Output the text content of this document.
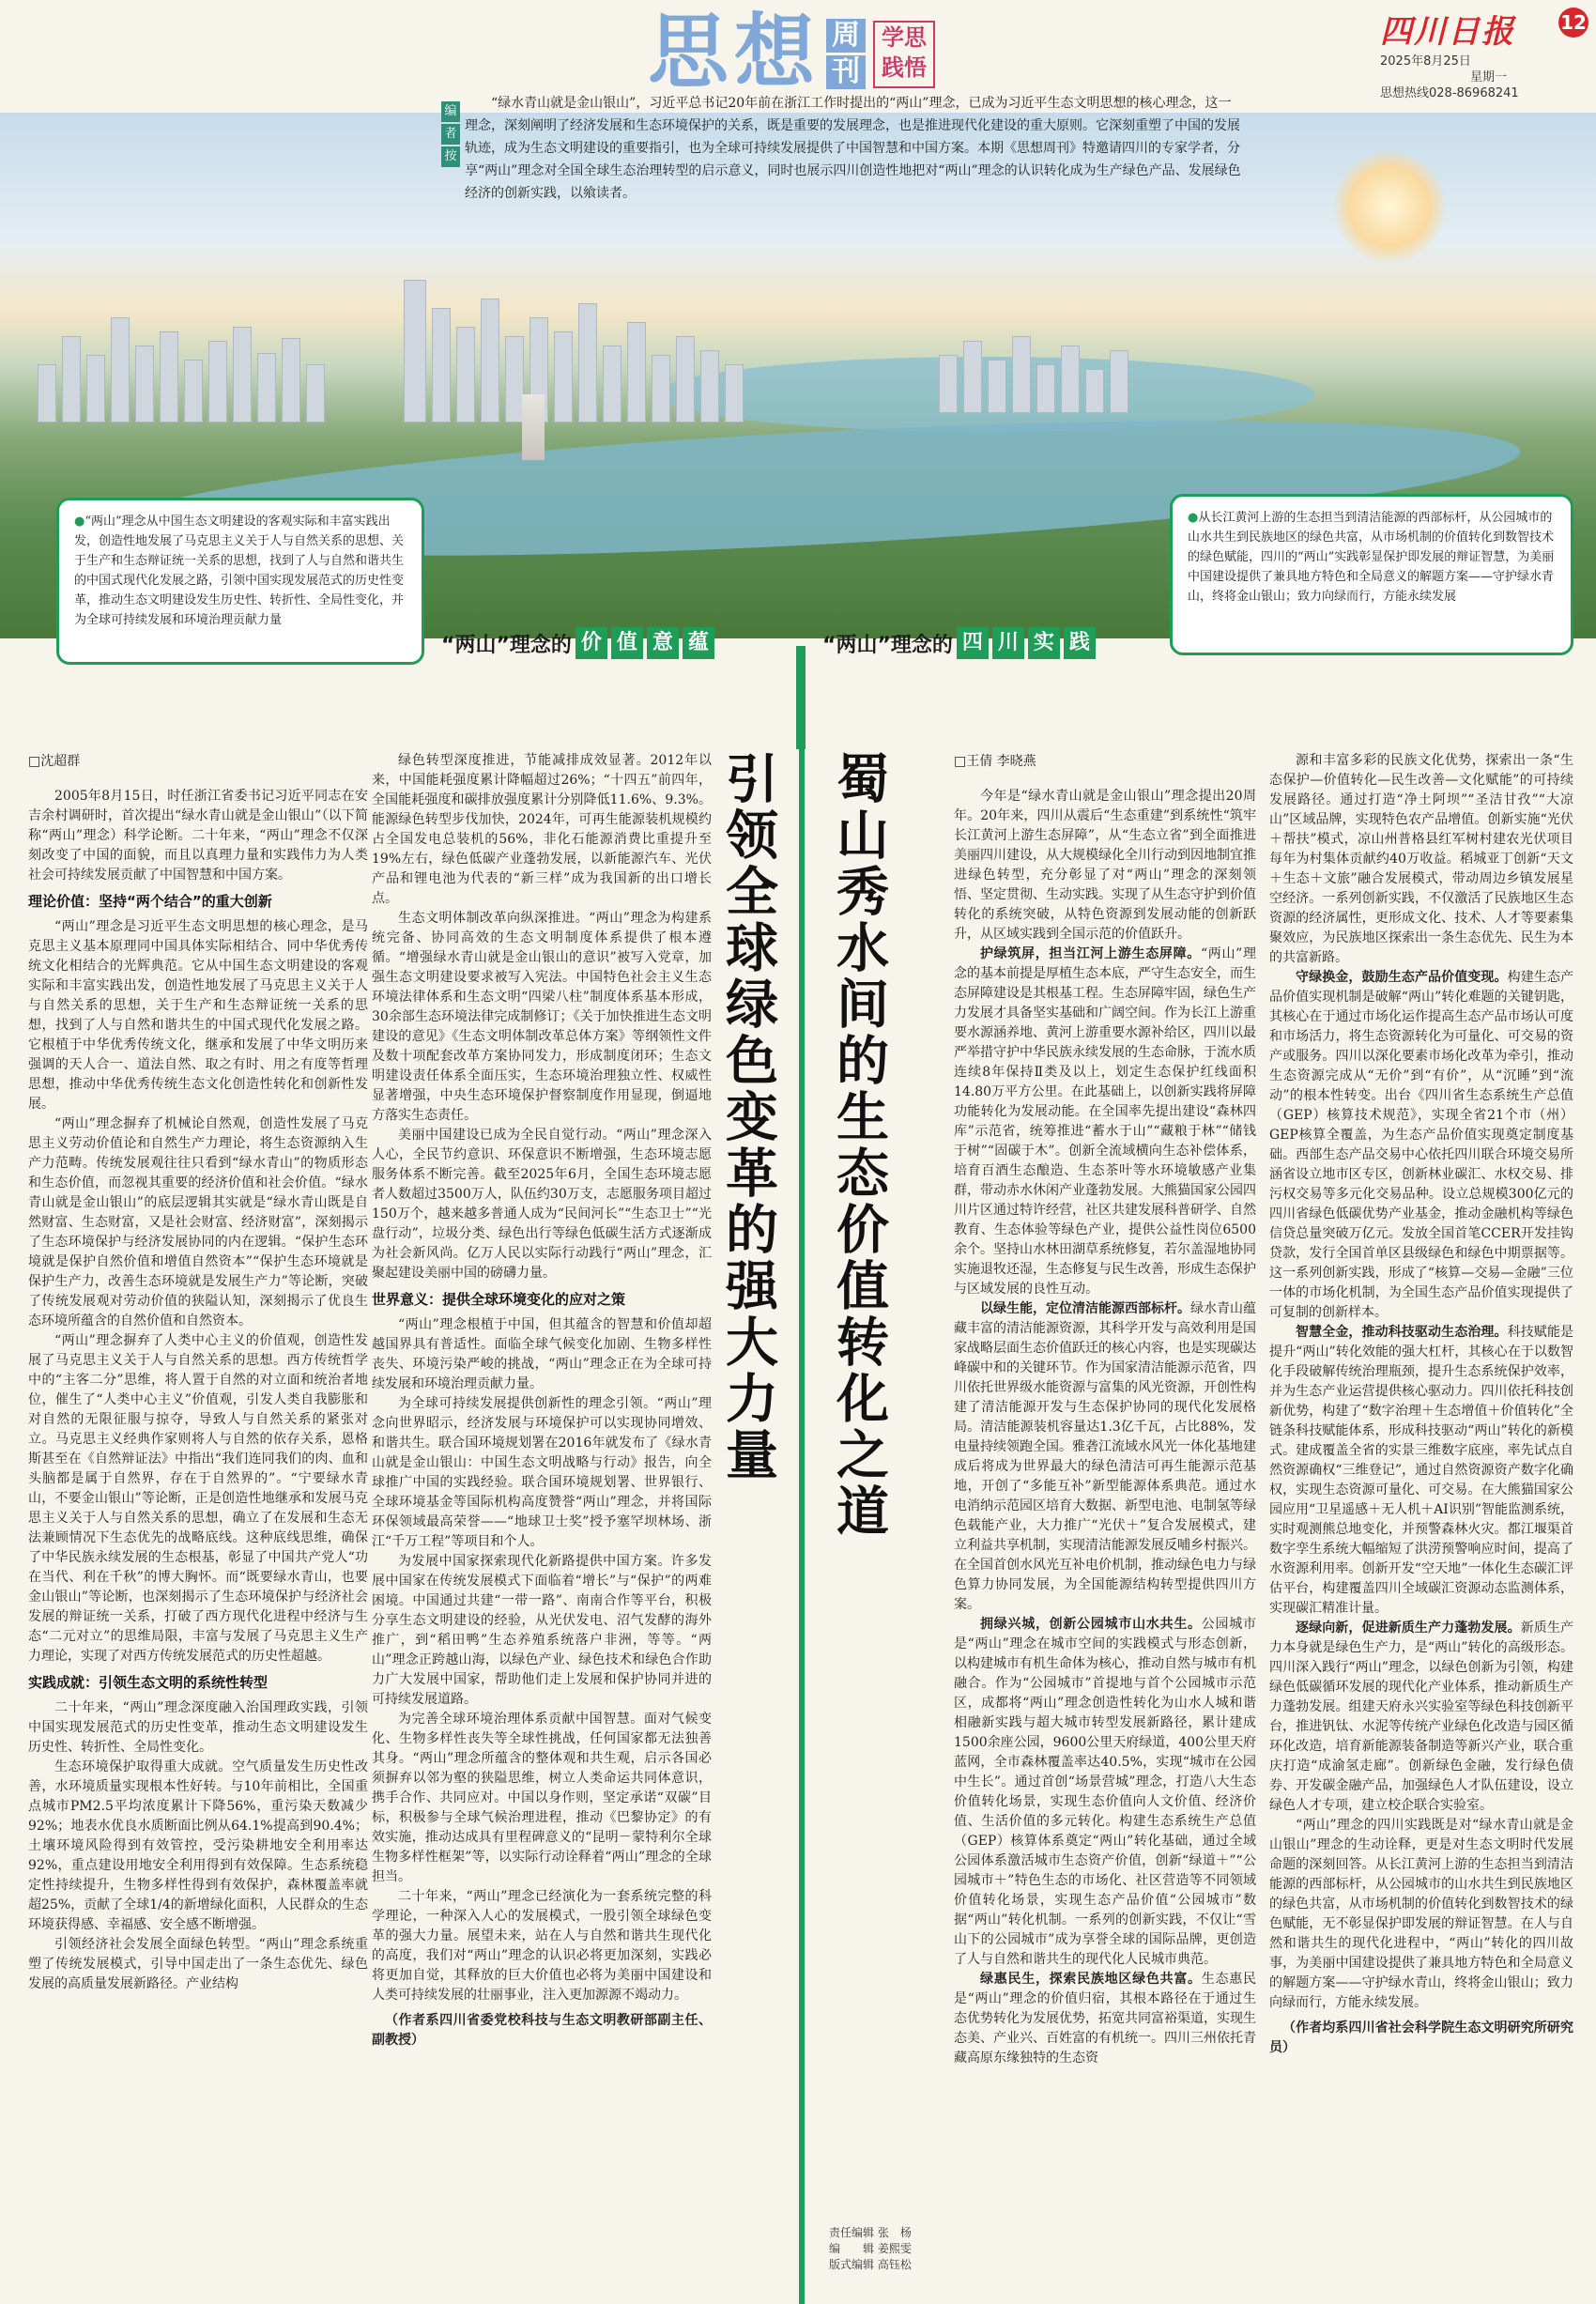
思想 周
刊
学思
践悟
四川日报
2025年8月25日
星期一
思想热线028-86968241
12
编
者
按
“绿水青山就是金山银山”，习近平总书记20年前在浙江工作时提出的“两山”理念，已成为习近平生态文明思想的核心理念，这一理念，深刻阐明了经济发展和生态环境保护的关系，既是重要的发展理念，也是推进现代化建设的重大原则。它深刻重塑了中国的发展轨迹，成为生态文明建设的重要指引，也为全球可持续发展提供了中国智慧和中国方案。本期《思想周刊》特邀请四川的专家学者，分享“两山”理念对全国全球生态治理转型的启示意义，同时也展示四川创造性地把对“两山”理念的认识转化成为生产绿色产品、发展绿色经济的创新实践，以飨读者。
●“两山”理念从中国生态文明建设的客观实际和丰富实践出发，创造性地发展了马克思主义关于人与自然关系的思想、关于生产和生态辩证统一关系的思想，找到了人与自然和谐共生的中国式现代化发展之路，引领中国实现发展范式的历史性变革，推动生态文明建设发生历史性、转折性、全局性变化，并为全球可持续发展和环境治理贡献力量
●从长江黄河上游的生态担当到清洁能源的西部标杆，从公园城市的山水共生到民族地区的绿色共富，从市场机制的价值转化到数智技术的绿色赋能，四川的“两山”实践彰显保护即发展的辩证智慧，为美丽中国建设提供了兼具地方特色和全局意义的解题方案——守护绿水青山，终将金山银山；致力向绿而行，方能永续发展
“两山”理念的 价 值 意 蕴	“两山”理念的 四 川 实 践
□沈超群

2005年8月15日，时任浙江省委书记习近平同志在安吉余村调研时，首次提出“绿水青山就是金山银山”（以下简称“两山”理念）科学论断。二十年来，“两山”理念不仅深刻改变了中国的面貌，而且以真理力量和实践伟力为人类社会可持续发展贡献了中国智慧和中国方案。

理论价值：坚持“两个结合”的重大创新

“两山”理念是习近平生态文明思想的核心理念，是马克思主义基本原理同中国具体实际相结合、同中华优秀传统文化相结合的光辉典范。它从中国生态文明建设的客观实际和丰富实践出发，创造性地发展了马克思主义关于人与自然关系的思想，关于生产和生态辩证统一关系的思想，找到了人与自然和谐共生的中国式现代化发展之路。它根植于中华优秀传统文化，继承和发展了中华文明历来强调的天人合一、道法自然、取之有时、用之有度等哲理思想，推动中华优秀传统生态文化创造性转化和创新性发展。

“两山”理念摒弃了机械论自然观，创造性发展了马克思主义劳动价值论和自然生产力理论，将生态资源纳入生产力范畴。传统发展观往往只看到“绿水青山”的物质形态和生态价值，而忽视其重要的经济价值和社会价值。“绿水青山就是金山银山”的底层逻辑其实就是“绿水青山既是自然财富、生态财富，又是社会财富、经济财富”，深刻揭示了生态环境保护与经济发展协同的内在逻辑。“保护生态环境就是保护自然价值和增值自然资本”“保护生态环境就是保护生产力，改善生态环境就是发展生产力”等论断，突破了传统发展观对劳动价值的狭隘认知，深刻揭示了优良生态环境所蕴含的自然价值和自然资本。

“两山”理念摒弃了人类中心主义的价值观，创造性发展了马克思主义关于人与自然关系的思想。西方传统哲学中的“主客二分”思维，将人置于自然的对立面和统治者地位，催生了“人类中心主义”价值观，引发人类自我膨胀和对自然的无限征服与掠夺，导致人与自然关系的紧张对立。马克思主义经典作家则将人与自然的依存关系，恩格斯甚至在《自然辩证法》中指出“我们连同我们的肉、血和头脑都是属于自然界，存在于自然界的”。“宁要绿水青山，不要金山银山”等论断，正是创造性地继承和发展马克思主义关于人与自然关系的思想，确立了在发展和生态无法兼顾情况下生态优先的战略底线。这种底线思维，确保了中华民族永续发展的生态根基，彰显了中国共产党人“功在当代、利在千秋”的博大胸怀。而“既要绿水青山，也要金山银山”等论断，也深刻揭示了生态环境保护与经济社会发展的辩证统一关系，打破了西方现代化进程中经济与生态“二元对立”的思维局限，丰富与发展了马克思主义生产力理论，实现了对西方传统发展范式的历史性超越。

实践成就：引领生态文明的系统性转型

二十年来，“两山”理念深度融入治国理政实践，引领中国实现发展范式的历史性变革，推动生态文明建设发生历史性、转折性、全局性变化。

生态环境保护取得重大成就。空气质量发生历史性改善，水环境质量实现根本性好转。与10年前相比，全国重点城市PM2.5平均浓度累计下降56%，重污染天数减少92%；地表水优良水质断面比例从64.1%提高到90.4%；土壤环境风险得到有效管控，受污染耕地安全利用率达92%，重点建设用地安全利用得到有效保障。生态系统稳定性持续提升，生物多样性得到有效保护，森林覆盖率就超25%，贡献了全球1/4的新增绿化面积，人民群众的生态环境获得感、幸福感、安全感不断增强。

引领经济社会发展全面绿色转型。“两山”理念系统重塑了传统发展模式，引导中国走出了一条生态优先、绿色发展的高质量发展新路径。产业结构

绿色转型深度推进，节能减排成效显著。2012年以来，中国能耗强度累计降幅超过26%；“十四五”前四年，全国能耗强度和碳排放强度累计分别降低11.6%、9.3%。能源绿色转型步伐加快，2024年，可再生能源装机规模约占全国发电总装机的56%，非化石能源消费比重提升至19%左右，绿色低碳产业蓬勃发展，以新能源汽车、光伏产品和锂电池为代表的“新三样”成为我国新的出口增长点。

生态文明体制改革向纵深推进。“两山”理念为构建系统完备、协同高效的生态文明制度体系提供了根本遵循。“增强绿水青山就是金山银山的意识”被写入党章，加强生态文明建设要求被写入宪法。中国特色社会主义生态环境法律体系和生态文明“四梁八柱”制度体系基本形成，30余部生态环境法律完成制修订；《关于加快推进生态文明建设的意见》《生态文明体制改革总体方案》等纲领性文件及数十项配套改革方案协同发力，形成制度闭环；生态文明建设责任体系全面压实，生态环境治理独立性、权威性显著增强，中央生态环境保护督察制度作用显现，倒逼地方落实生态责任。

美丽中国建设已成为全民自觉行动。“两山”理念深入人心，全民节约意识、环保意识不断增强，生态环境志愿服务体系不断完善。截至2025年6月，全国生态环境志愿者人数超过3500万人，队伍约30万支，志愿服务项目超过150万个，越来越多普通人成为“民间河长”“生态卫士”“光盘行动”，垃圾分类、绿色出行等绿色低碳生活方式逐渐成为社会新风尚。亿万人民以实际行动践行“两山”理念，汇聚起建设美丽中国的磅礴力量。

世界意义：提供全球环境变化的应对之策

“两山”理念根植于中国，但其蕴含的智慧和价值却超越国界具有普适性。面临全球气候变化加剧、生物多样性丧失、环境污染严峻的挑战，“两山”理念正在为全球可持续发展和环境治理贡献力量。

为全球可持续发展提供创新性的理念引领。“两山”理念向世界昭示，经济发展与环境保护可以实现协同增效、和谐共生。联合国环境规划署在2016年就发布了《绿水青山就是金山银山：中国生态文明战略与行动》报告，向全球推广中国的实践经验。联合国环境规划署、世界银行、全球环境基金等国际机构高度赞誉“两山”理念，并将国际环保领域最高荣誉——“地球卫士奖”授予塞罕坝林场、浙江“千万工程”等项目和个人。

为发展中国家探索现代化新路提供中国方案。许多发展中国家在传统发展模式下面临着“增长”与“保护”的两难困境。中国通过共建“一带一路”、南南合作等平台，积极分享生态文明建设的经验，从光伏发电、沼气发酵的海外推广，到“稻田鸭”生态养殖系统落户非洲，等等。“两山”理念正跨越山海，以绿色产业、绿色技术和绿色合作助力广大发展中国家，帮助他们走上发展和保护协同并进的可持续发展道路。

为完善全球环境治理体系贡献中国智慧。面对气候变化、生物多样性丧失等全球性挑战，任何国家都无法独善其身。“两山”理念所蕴含的整体观和共生观，启示各国必须摒弃以邻为壑的狭隘思维，树立人类命运共同体意识，携手合作、共同应对。中国以身作则，坚定承诺“双碳”目标，积极参与全球气候治理进程，推动《巴黎协定》的有效实施，推动达成具有里程碑意义的“昆明－蒙特利尔全球生物多样性框架”等，以实际行动诠释着“两山”理念的全球担当。

二十年来，“两山”理念已经演化为一套系统完整的科学理论，一种深入人心的发展模式，一股引领全球绿色变革的强大力量。展望未来，站在人与自然和谐共生现代化的高度，我们对“两山”理念的认识必将更加深刻，实践必将更加自觉，其释放的巨大价值也必将为美丽中国建设和人类可持续发展的壮丽事业，注入更加源源不竭动力。

（作者系四川省委党校科技与生态文明教研部副主任、副教授）

引领全球绿色变革的强大力量 蜀山秀水间的生态价值转化之道	□王倩 李晓燕

今年是“绿水青山就是金山银山”理念提出20周年。20年来，四川从震后“生态重建”到系统性“筑牢长江黄河上游生态屏障”，从“生态立省”到全面推进美丽四川建设，从大规模绿化全川行动到因地制宜推进绿色转型，充分彰显了对“两山”理念的深刻领悟、坚定贯彻、生动实践。实现了从生态守护到价值转化的系统突破，从特色资源到发展动能的创新跃升，从区域实践到全国示范的价值跃升。

护绿筑屏，担当江河上游生态屏障。“两山”理念的基本前提是厚植生态本底，严守生态安全，而生态屏障建设是其根基工程。生态屏障牢固，绿色生产力发展才具备坚实基础和广阔空间。作为长江上游重要水源涵养地、黄河上游重要水源补给区，四川以最严举措守护中华民族永续发展的生态命脉，于流水质连续8年保持Ⅱ类及以上，划定生态保护红线面积14.80万平方公里。在此基础上，以创新实践将屏障功能转化为发展动能。在全国率先提出建设“森林四库”示范省，统筹推进“蓄水于山”“藏粮于林”“储钱于树”“固碳于木”。创新全流域横向生态补偿体系，培育百酒生态酿造、生态茶叶等水环境敏感产业集群，带动赤水休闲产业蓬勃发展。大熊猫国家公园四川片区通过特许经营，社区共建发展科普研学、自然教育、生态体验等绿色产业，提供公益性岗位6500余个。坚持山水林田湖草系统修复，若尔盖湿地协同实施退牧还湿，生态修复与民生改善，形成生态保护与区域发展的良性互动。

以绿生能，定位清洁能源西部标杆。绿水青山蕴藏丰富的清洁能源资源，其科学开发与高效利用是国家战略层面生态价值跃迁的核心内容，也是实现碳达峰碳中和的关键环节。作为国家清洁能源示范省，四川依托世界级水能资源与富集的风光资源，开创性构建了清洁能源开发与生态保护协同的现代化发展格局。清洁能源装机容量达1.3亿千瓦，占比88%，发电量持续领跑全国。雅砻江流域水风光一体化基地建成后将成为世界最大的绿色清洁可再生能源示范基地，开创了“多能互补”新型能源体系典范。通过水电消纳示范园区培育大数据、新型电池、电制氢等绿色载能产业，大力推广“光伏＋”复合发展模式，建立利益共享机制，实现清洁能源发展反哺乡村振兴。在全国首创水风光互补电价机制，推动绿色电力与绿色算力协同发展，为全国能源结构转型提供四川方案。

拥绿兴城，创新公园城市山水共生。公园城市是“两山”理念在城市空间的实践模式与形态创新，以构建城市有机生命体为核心，推动自然与城市有机融合。作为“公园城市”首提地与首个公园城市示范区，成都将“两山”理念创造性转化为山水人城和谐相融新实践与超大城市转型发展新路径，累计建成1500余座公园，9600公里天府绿道，400公里天府蓝网，全市森林覆盖率达40.5%，实现“城市在公园中生长”。通过首创“场景营城”理念，打造八大生态价值转化场景，实现生态价值向人文价值、经济价值、生活价值的多元转化。构建生态系统生产总值（GEP）核算体系奠定“两山”转化基础，通过全域公园体系激活城市生态资产价值，创新“绿道＋”“公园城市＋”特色生态的市场化、社区营造等不同领域价值转化场景，实现生态产品价值“公园城市”数据“两山”转化机制。一系列的创新实践，不仅让“雪山下的公园城市”成为享誉全球的国际品牌，更创造了人与自然和谐共生的现代化人民城市典范。

绿惠民生，探索民族地区绿色共富。生态惠民是“两山”理念的价值归宿，其根本路径在于通过生态优势转化为发展优势，拓宽共同富裕渠道，实现生态美、产业兴、百姓富的有机统一。四川三州依托青藏高原东缘独特的生态资

源和丰富多彩的民族文化优势，探索出一条“生态保护—价值转化—民生改善—文化赋能”的可持续发展路径。通过打造“净土阿坝”“圣洁甘孜”“大凉山”区域品牌，实现特色农产品增值。创新实施“光伏＋帮扶”模式，凉山州普格县红军树村建农光伏项目每年为村集体贡献约40万收益。稻城亚丁创新“天文＋生态＋文旅”融合发展模式，带动周边乡镇发展星空经济。一系列创新实践，不仅激活了民族地区生态资源的经济属性，更形成文化、技术、人才等要素集聚效应，为民族地区探索出一条生态优先、民生为本的共富新路。

守绿换金，鼓励生态产品价值变现。构建生态产品价值实现机制是破解“两山”转化难题的关键钥匙，其核心在于通过市场化运作提高生态产品市场认可度和市场活力，将生态资源转化为可量化、可交易的资产或服务。四川以深化要素市场化改革为牵引，推动生态资源完成从“无价”到“有价”，从“沉睡”到“流动”的根本性转变。出台《四川省生态系统生产总值（GEP）核算技术规范》，实现全省21个市（州）GEP核算全覆盖，为生态产品价值实现奠定制度基础。西部生态产品交易中心依托四川联合环境交易所涵省设立地市区专区，创新林业碳汇、水权交易、排污权交易等多元化交易品种。设立总规模300亿元的四川省绿色低碳优势产业基金，推动金融机构等绿色信贷总量突破万亿元。发放全国首笔CCER开发挂钩贷款，发行全国首单区县级绿色和绿色中期票据等。这一系列创新实践，形成了“核算—交易—金融”三位一体的市场化机制，为全国生态产品价值实现提供了可复制的创新样本。

智慧全金，推动科技驱动生态治理。科技赋能是提升“两山”转化效能的强大杠杆，其核心在于以数智化手段破解传统治理瓶颈，提升生态系统保护效率，并为生态产业运营提供核心驱动力。四川依托科技创新优势，构建了“数字治理＋生态增值＋价值转化”全链条科技赋能体系，形成科技驱动“两山”转化的新模式。建成覆盖全省的实景三维数字底座，率先试点自然资源确权“三维登记”，通过自然资源资产数字化确权，实现生态资源可量化、可交易。在大熊猫国家公园应用“卫星遥感＋无人机＋AI识别”智能监测系统，实时观测熊总地变化，并预警森林火灾。都江堰渠首数字孪生系统大幅缩短了洪涝预警响应时间，提高了水资源利用率。创新开发“空天地”一体化生态碳汇评估平台，构建覆盖四川全域碳汇资源动态监测体系，实现碳汇精准计量。

逐绿向新，促进新质生产力蓬勃发展。新质生产力本身就是绿色生产力，是“两山”转化的高级形态。四川深入践行“两山”理念，以绿色创新为引领，构建绿色低碳循环发展的现代化产业体系，推动新质生产力蓬勃发展。组建天府永兴实验室等绿色科技创新平台，推进钒钛、水泥等传统产业绿色化改造与园区循环化改造，培育新能源装备制造等新兴产业，联合重庆打造“成渝氢走廊”。创新绿色金融，发行绿色债券、开发碳金融产品，加强绿色人才队伍建设，设立绿色人才专项，建立校企联合实验室。

“两山”理念的四川实践既是对“绿水青山就是金山银山”理念的生动诠释，更是对生态文明时代发展命题的深刻回答。从长江黄河上游的生态担当到清洁能源的西部标杆，从公园城市的山水共生到民族地区的绿色共富，从市场机制的价值转化到数智技术的绿色赋能，无不彰显保护即发展的辩证智慧。在人与自然和谐共生的现代化进程中，“两山”转化的四川故事，为美丽中国建设提供了兼具地方特色和全局意义的解题方案——守护绿水青山，终将金山银山；致力向绿而行，方能永续发展。

（作者均系四川省社会科学院生态文明研究所研究员）

责任编辑 张　杨
编　　辑 姜熙雯
版式编辑 高钰松
